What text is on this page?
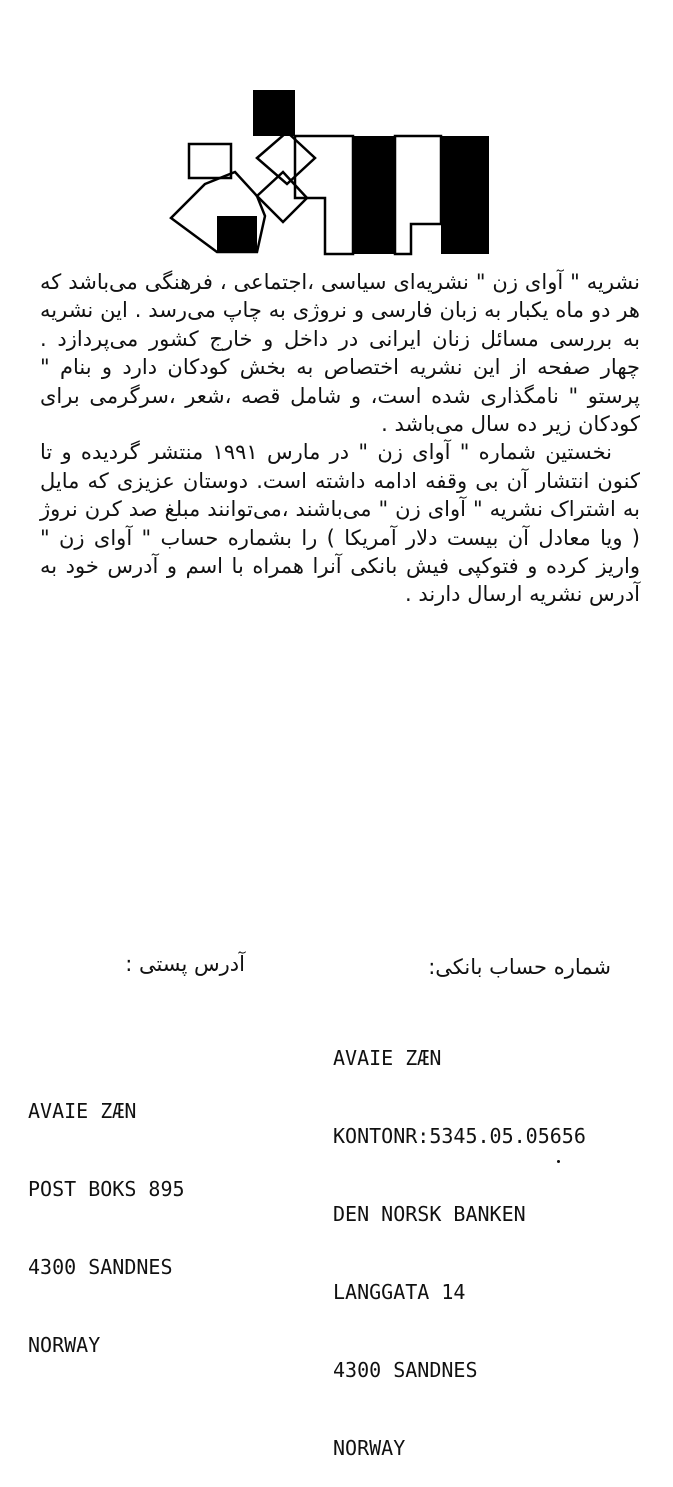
نشریه " آوای زن " نشریه‌ای سیاسی ،اجتماعی ، فرهنگی می‌باشد که هر دو ماه یکبار به زبان فارسی و نروژی به چاپ می‌رسد . این نشریه به بررسی مسائل زنان ایرانی در داخل و خارج کشور می‌پردازد . چهار صفحه از این نشریه اختصاص به بخش کودکان دارد و بنام " پرستو " نامگذاری شده است، و شامل قصه ،شعر ،سرگرمی برای کودکان زیر ده سال می‌باشد .

نخستین شماره " آوای زن " در مارس ۱۹۹۱ منتشر گردیده و تا کنون انتشار آن بی وقفه ادامه داشته است. دوستان عزیزی که مایل به اشتراک نشریه " آوای زن " می‌باشند ،می‌توانند مبلغ صد کرن نروژ ( ویا معادل آن بیست دلار آمریکا ) را بشماره حساب " آوای زن " واریز کرده و فتوکپی فیش بانکی آنرا همراه با اسم و آدرس خود به آدرس نشریه ارسال دارند .

آدرس پستی :	شماره حساب بانکی:

AVAIE ZÆN

POST BOKS 895

4300 SANDNES

NORWAY

AVAIE ZÆN

KONTONR:5345.05.05656

DEN NORSK BANKEN

LANGGATA 14

4300 SANDNES

NORWAY
